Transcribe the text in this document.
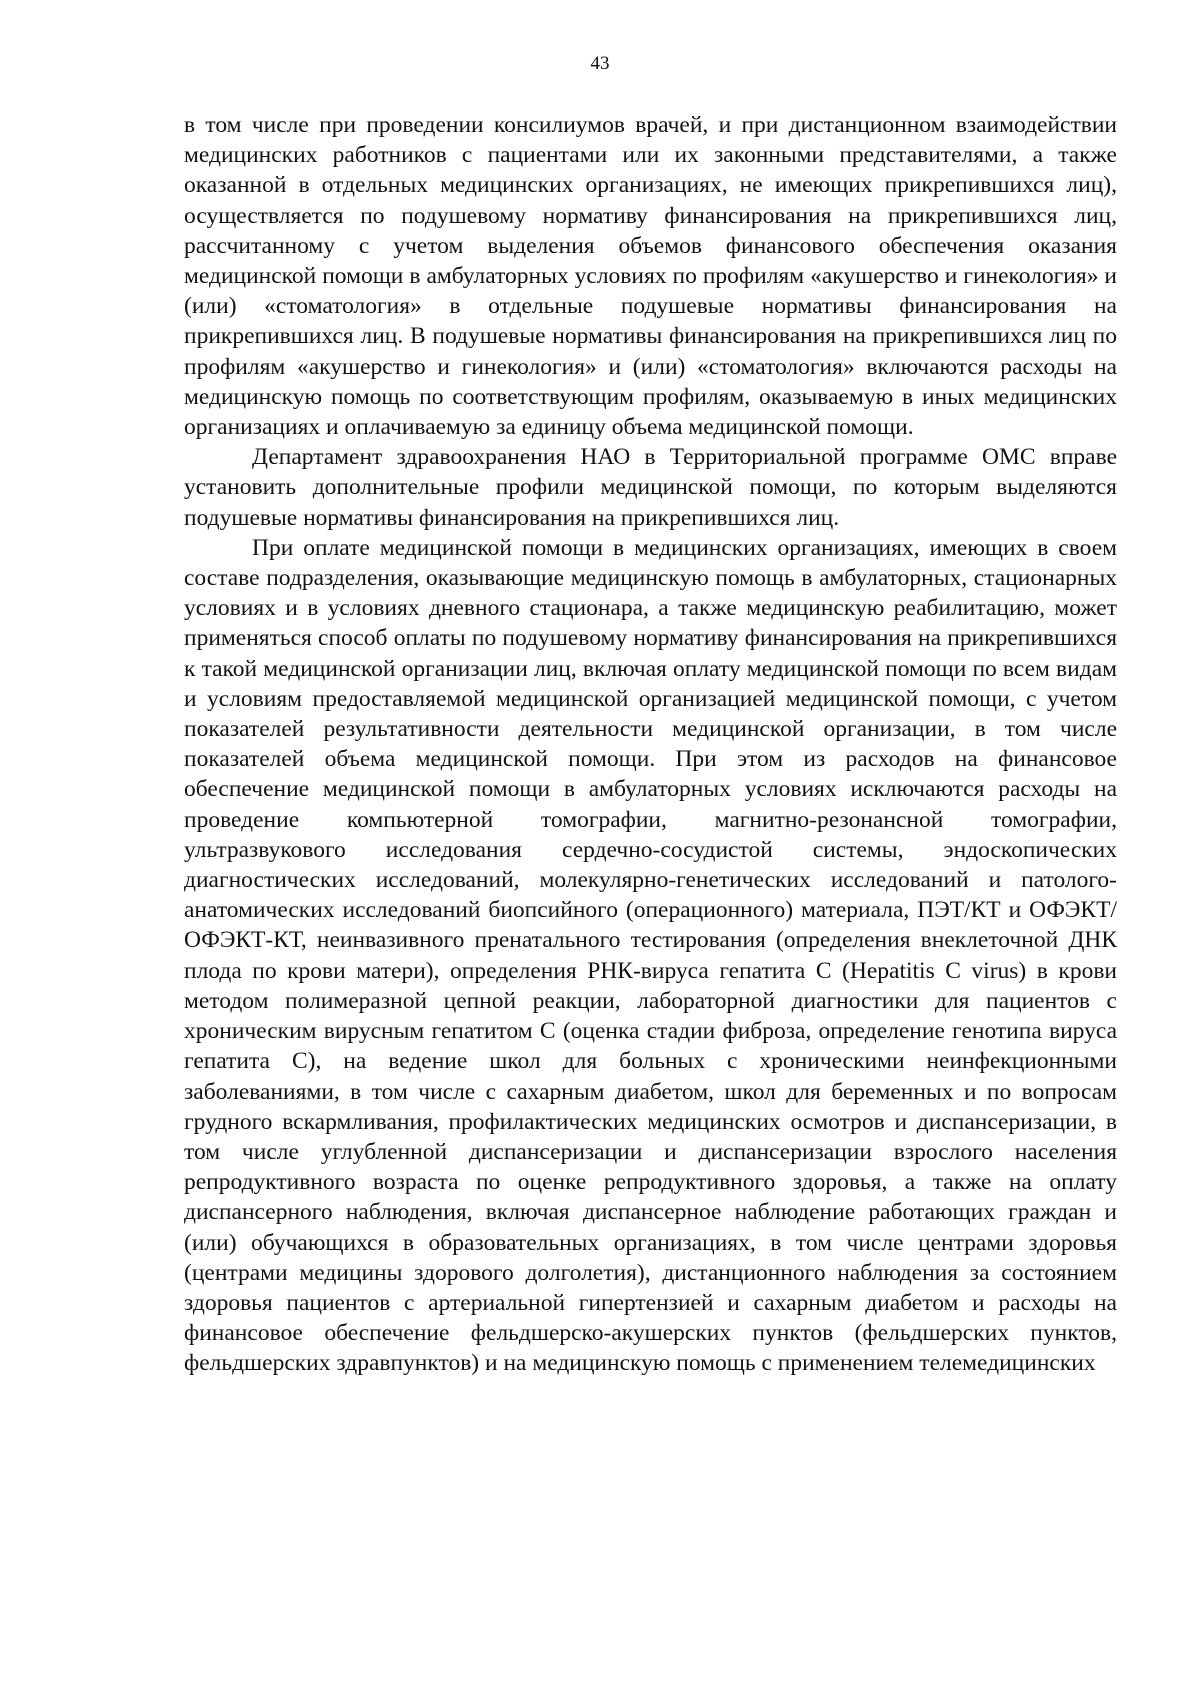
43

в том числе при проведении консилиумов врачей, и при дистанционном взаимодействии медицинских работников с пациентами или их законными представителями, а также оказанной в отдельных медицинских организациях, не имеющих прикрепившихся лиц), осуществляется по подушевому нормативу финансирования на прикрепившихся лиц, рассчитанному с учетом выделения объемов финансового обеспечения оказания медицинской помощи в амбулаторных условиях по профилям «акушерство и гинекология» и (или) «стоматология» в отдельные подушевые нормативы финансирования на прикрепившихся лиц. В подушевые нормативы финансирования на прикрепившихся лиц по профилям «акушерство и гинекология» и (или) «стоматология» включаются расходы на медицинскую помощь по соответствующим профилям, оказываемую в иных медицинских организациях и оплачиваемую за единицу объема медицинской помощи.

Департамент здравоохранения НАО в Территориальной программе ОМС вправе установить дополнительные профили медицинской помощи, по которым выделяются подушевые нормативы финансирования на прикрепившихся лиц.

При оплате медицинской помощи в медицинских организациях, имеющих в своем составе подразделения, оказывающие медицинскую помощь в амбулаторных, стационарных условиях и в условиях дневного стационара, а также медицинскую реабилитацию, может применяться способ оплаты по подушевому нормативу финансирования на прикрепившихся к такой медицинской организации лиц, включая оплату медицинской помощи по всем видам и условиям предоставляемой медицинской организацией медицинской помощи, с учетом показателей результативности деятельности медицинской организации, в том числе показателей объема медицинской помощи. При этом из расходов на финансовое обеспечение медицинской помощи в амбулаторных условиях исключаются расходы на проведение компьютерной томографии, магнитно-резонансной томографии, ультразвукового исследования сердечно-сосудистой системы, эндоскопических диагностических исследований, молекулярно-генетических исследований и патолого-анатомических исследований биопсийного (операционного) материала, ПЭТ/КТ и ОФЭКТ/ОФЭКТ-КТ, неинвазивного пренатального тестирования (определения внеклеточной ДНК плода по крови матери), определения РНК-вируса гепатита С (Hepatitis С virus) в крови методом полимеразной цепной реакции, лабораторной диагностики для пациентов с хроническим вирусным гепатитом С (оценка стадии фиброза, определение генотипа вируса гепатита С), на ведение школ для больных с хроническими неинфекционными заболеваниями, в том числе с сахарным диабетом, школ для беременных и по вопросам грудного вскармливания, профилактических медицинских осмотров и диспансеризации, в том числе углубленной диспансеризации и диспансеризации взрослого населения репродуктивного возраста по оценке репродуктивного здоровья, а также на оплату диспансерного наблюдения, включая диспансерное наблюдение работающих граждан и (или) обучающихся в образовательных организациях, в том числе центрами здоровья (центрами медицины здорового долголетия), дистанционного наблюдения за состоянием здоровья пациентов с артериальной гипертензией и сахарным диабетом и расходы на финансовое обеспечение фельдшерско-акушерских пунктов (фельдшерских пунктов, фельдшерских здравпунктов) и на медицинскую помощь с применением телемедицинских
